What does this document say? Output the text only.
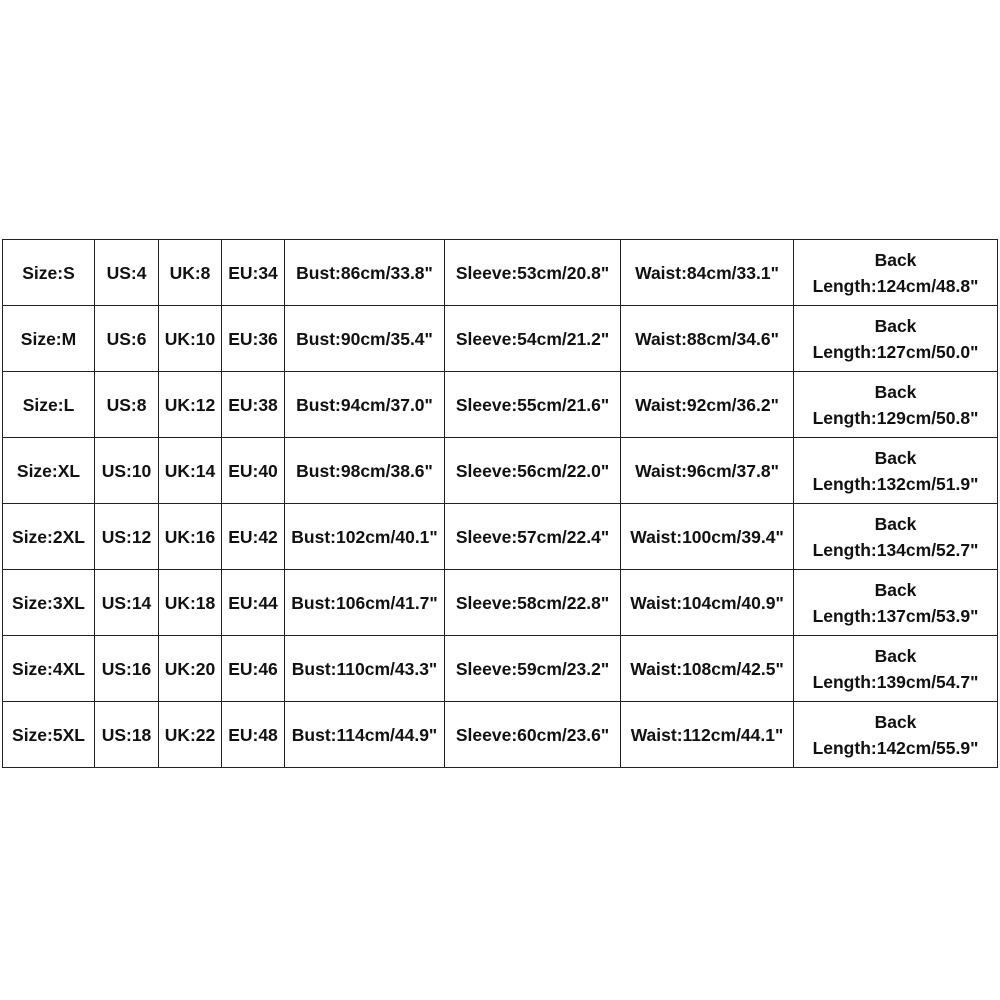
Size:S	US:4	UK:8	EU:34	Bust:86cm/33.8"	Sleeve:53cm/20.8"	Waist:84cm/33.1"	Back
Length:124cm/48.8"

Size:M	US:6	UK:10	EU:36	Bust:90cm/35.4"	Sleeve:54cm/21.2"	Waist:88cm/34.6"	Back
Length:127cm/50.0"

Size:L	US:8	UK:12	EU:38	Bust:94cm/37.0"	Sleeve:55cm/21.6"	Waist:92cm/36.2"	Back
Length:129cm/50.8"

Size:XL	US:10	UK:14	EU:40	Bust:98cm/38.6"	Sleeve:56cm/22.0"	Waist:96cm/37.8"	Back
Length:132cm/51.9"

Size:2XL	US:12	UK:16	EU:42	Bust:102cm/40.1"	Sleeve:57cm/22.4"	Waist:100cm/39.4"	Back
Length:134cm/52.7"

Size:3XL	US:14	UK:18	EU:44	Bust:106cm/41.7"	Sleeve:58cm/22.8"	Waist:104cm/40.9"	Back
Length:137cm/53.9"

Size:4XL	US:16	UK:20	EU:46	Bust:110cm/43.3"	Sleeve:59cm/23.2"	Waist:108cm/42.5"	Back
Length:139cm/54.7"

Size:5XL	US:18	UK:22	EU:48	Bust:114cm/44.9"	Sleeve:60cm/23.6"	Waist:112cm/44.1"	Back
Length:142cm/55.9"
